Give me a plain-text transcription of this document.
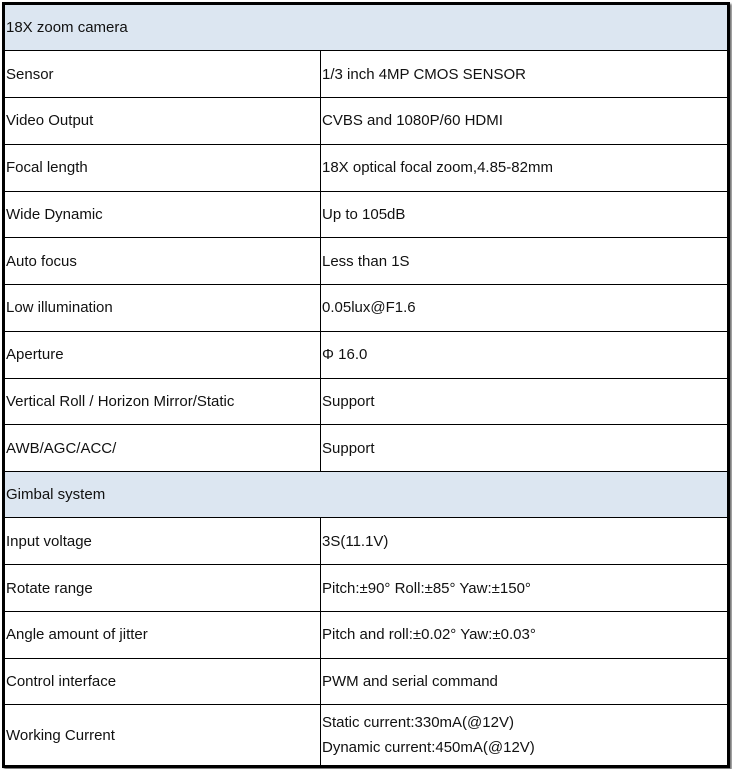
18X zoom camera	
Sensor	1/3 inch 4MP CMOS SENSOR

Video Output	CVBS and 1080P/60 HDMI

Focal length	18X optical focal zoom,4.85-82mm

Wide Dynamic	Up to 105dB

Auto focus	Less than 1S

Low illumination	0.05lux@F1.6

Aperture	Φ 16.0

Vertical Roll / Horizon Mirror/Static	Support

AWB/AGC/ACC/	Support

Gimbal system	
Input voltage	3S(11.1V)

Rotate range	Pitch:±90° Roll:±85° Yaw:±150°

Angle amount of jitter	Pitch and roll:±0.02° Yaw:±0.03°

Control interface	PWM and serial command

Working Current	Static current:330mA(@12V)
Dynamic current:450mA(@12V)
